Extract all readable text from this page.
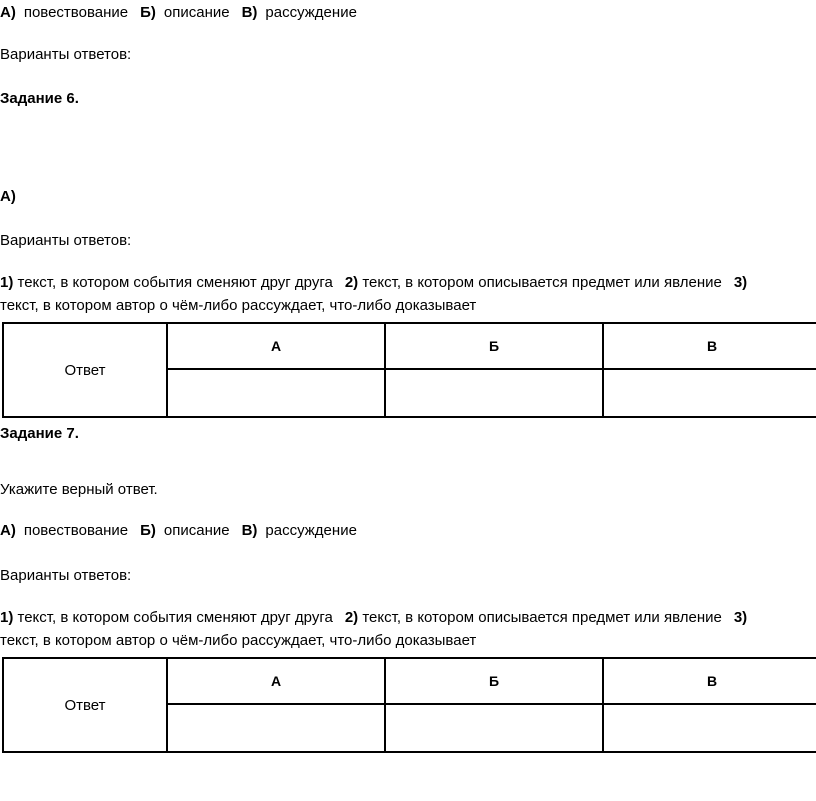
А) повествование Б) описание В) рассуждение
Варианты ответов:
Задание 6.
А)
Варианты ответов:
1) текст, в котором события сменяют друг друга 2) текст, в котором описывается предмет или явление 3)
текст, в котором автор о чём-либо рассуждает, что-либо доказывает
Ответ	А	Б	В

Задание 7.
Укажите верный ответ.
А) повествование Б) описание В) рассуждение
Варианты ответов:
1) текст, в котором события сменяют друг друга 2) текст, в котором описывается предмет или явление 3)
текст, в котором автор о чём-либо рассуждает, что-либо доказывает
Ответ	А	Б	В
